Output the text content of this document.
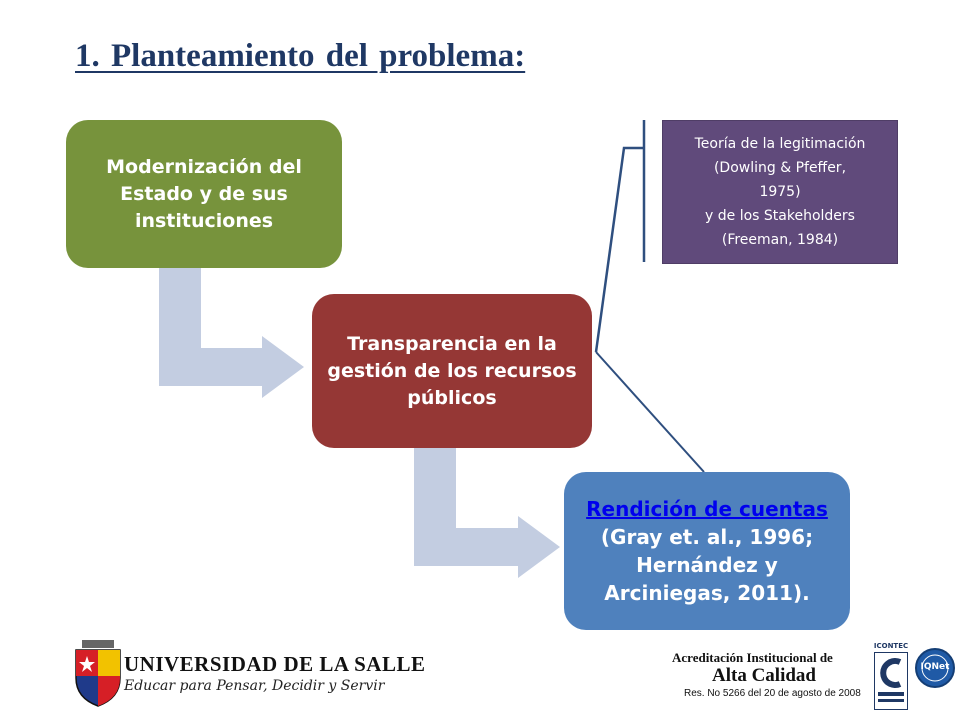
1. Planteamiento del problema:
Modernización del
Estado y de sus
instituciones
Transparencia en la
gestión de los recursos
públicos
Rendición de cuentas
(Gray et. al., 1996;
Hernández y
Arciniegas, 2011).
Teoría de la legitimación
(Dowling & Pfeffer,
1975)
y de los Stakeholders
(Freeman, 1984)
UNIVERSIDAD DE LA SALLE
Educar para Pensar, Decidir y Servir
Acreditación Institucional de
Alta Calidad
Res. No 5266 del 20 de agosto de 2008
ICONTEC
IQNet
